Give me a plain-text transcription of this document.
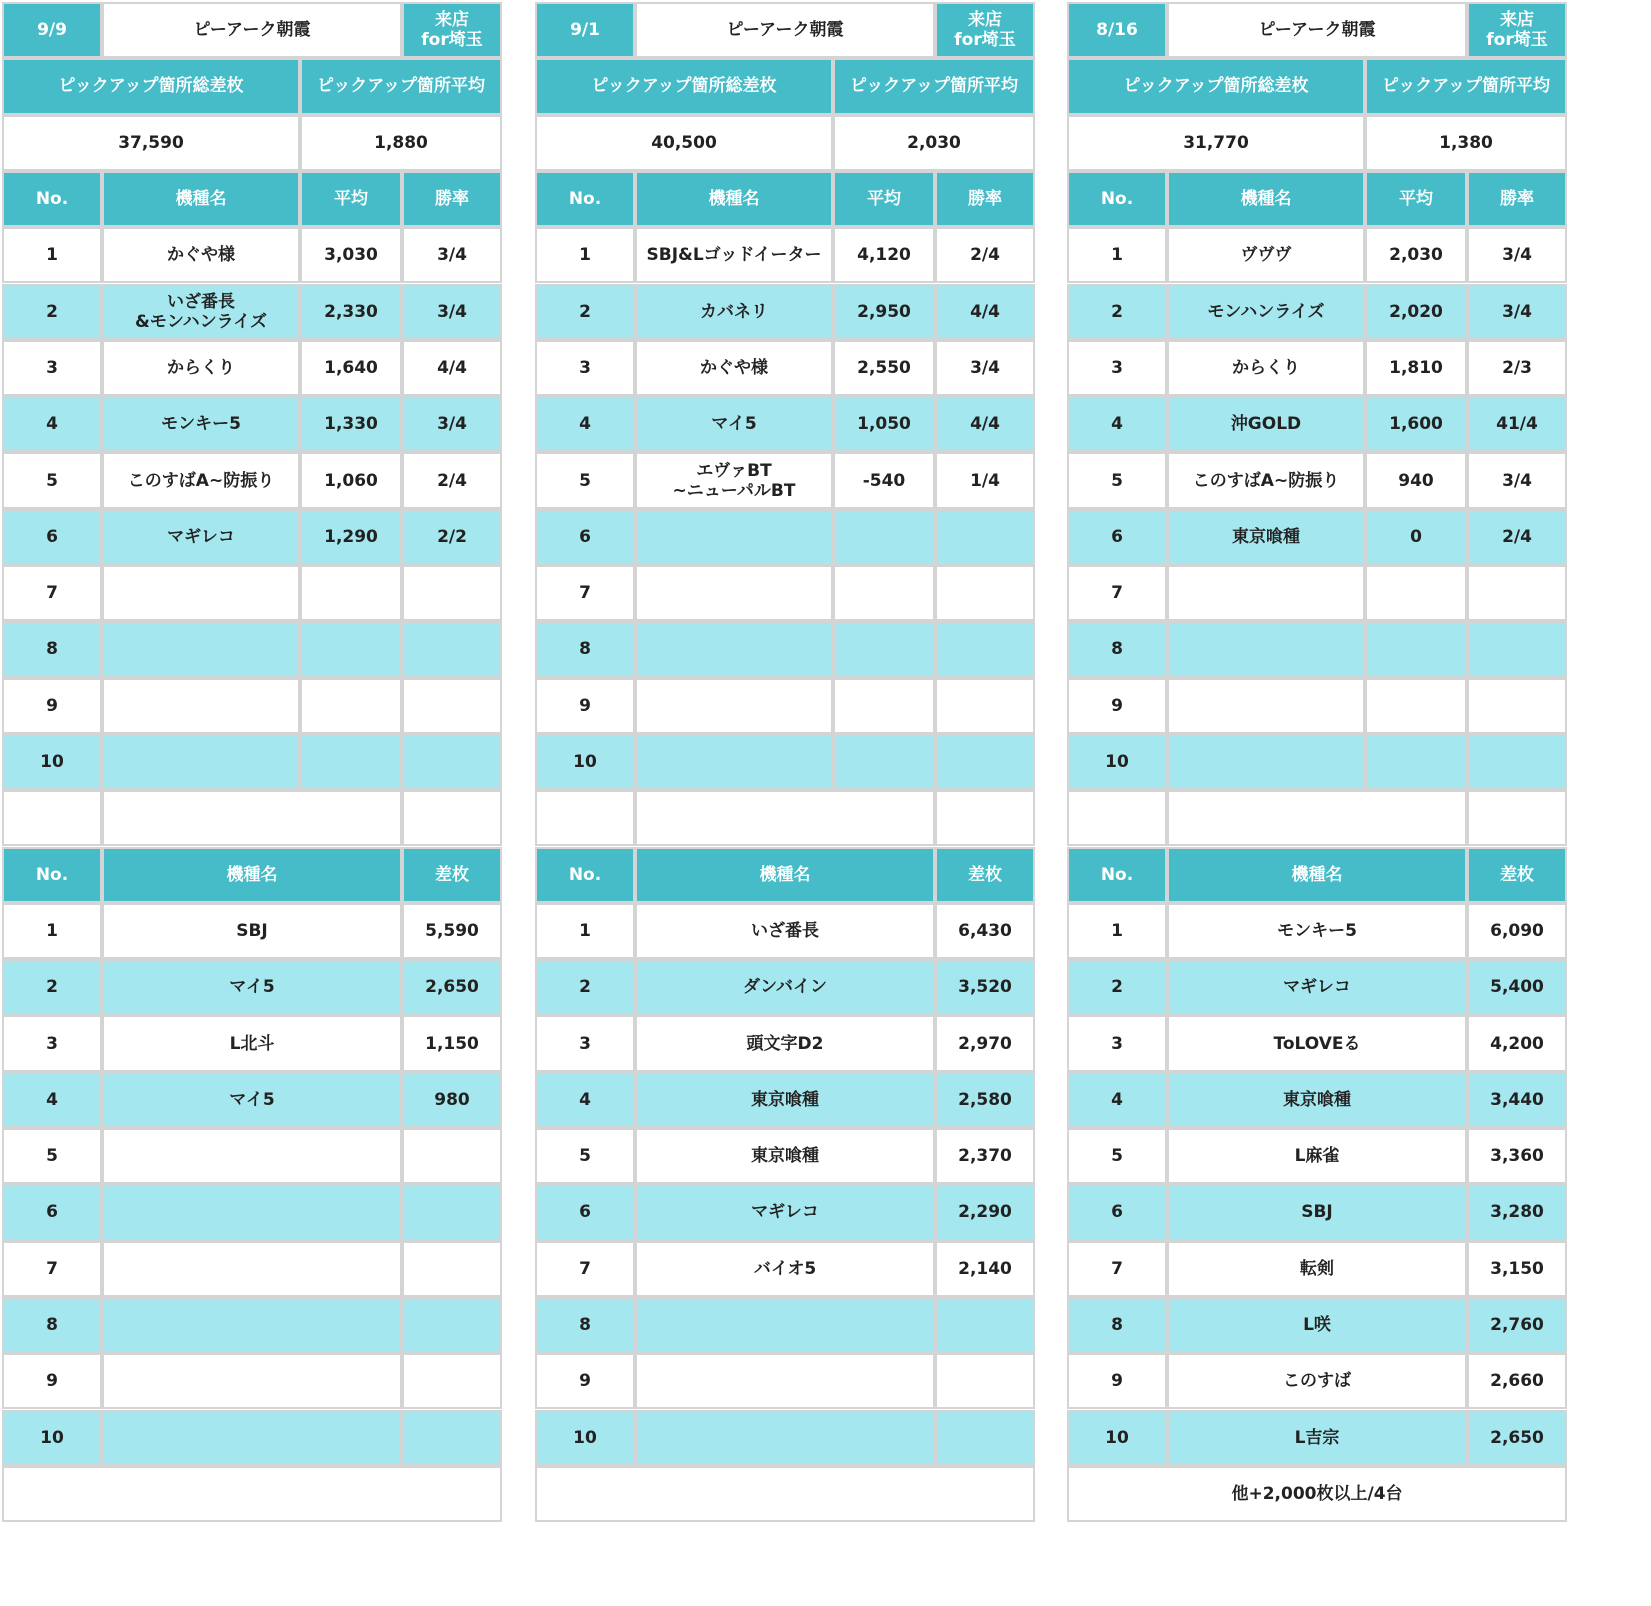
9/9	ピーアーク朝霞	来店
for埼玉
ピックアップ箇所総差枚	ピックアップ箇所平均
37,590	1,880
No.	機種名	平均	勝率
1	かぐや様	3,030	3/4
2	いざ番長
&モンハンライズ	2,330	3/4
3	からくり	1,640	4/4
4	モンキー5	1,330	3/4
5	このすばA~防振り	1,060	2/4
6	マギレコ	1,290	2/2
7
8
9
10
No.	機種名	差枚
1	SBJ	5,590
2	マイ5	2,650
3	L北斗	1,150
4	マイ5	980
5
6
7
8
9
10
9/1	ピーアーク朝霞	来店
for埼玉
ピックアップ箇所総差枚	ピックアップ箇所平均
40,500	2,030
No.	機種名	平均	勝率
1	SBJ&Lゴッドイーター	4,120	2/4
2	カバネリ	2,950	4/4
3	かぐや様	2,550	3/4
4	マイ5	1,050	4/4
5	エヴァBT
~ニューパルBT	-540	1/4
6
7
8
9
10
No.	機種名	差枚
1	いざ番長	6,430
2	ダンバイン	3,520
3	頭文字D2	2,970
4	東京喰種	2,580
5	東京喰種	2,370
6	マギレコ	2,290
7	バイオ5	2,140
8
9
10
8/16	ピーアーク朝霞	来店
for埼玉
ピックアップ箇所総差枚	ピックアップ箇所平均
31,770	1,380
No.	機種名	平均	勝率
1	ヴヴヴ	2,030	3/4
2	モンハンライズ	2,020	3/4
3	からくり	1,810	2/3
4	沖GOLD	1,600	41/4
5	このすばA~防振り	940	3/4
6	東京喰種	0	2/4
7
8
9
10
No.	機種名	差枚
1	モンキー5	6,090
2	マギレコ	5,400
3	ToLOVEる	4,200
4	東京喰種	3,440
5	L麻雀	3,360
6	SBJ	3,280
7	転剣	3,150
8	L咲	2,760
9	このすば	2,660
10	L吉宗	2,650
他+2,000枚以上/4台
